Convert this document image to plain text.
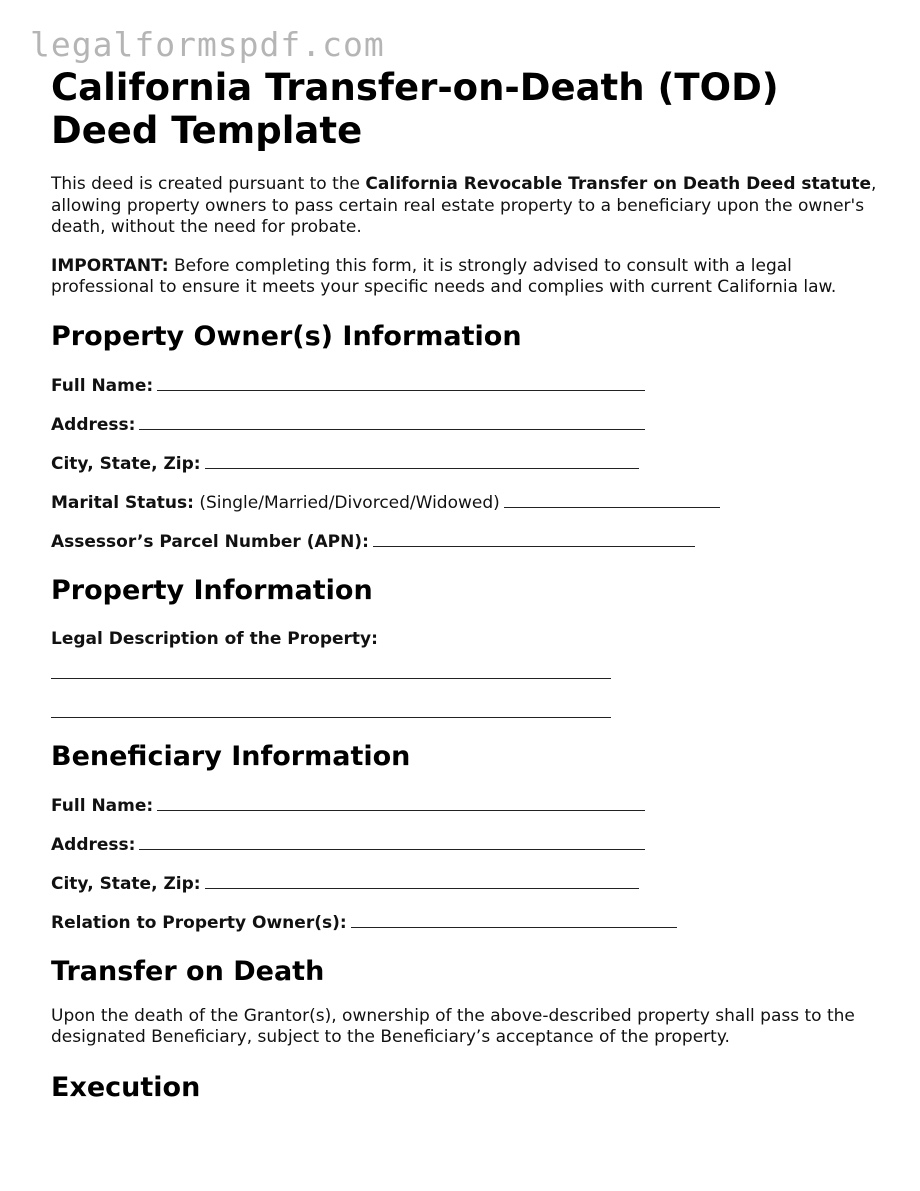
legalformspdf.com
California Transfer-on-Death (TOD) Deed Template

This deed is created pursuant to the California Revocable Transfer on Death Deed statute, allowing property owners to pass certain real estate property to a beneficiary upon the owner's death, without the need for probate.

IMPORTANT: Before completing this form, it is strongly advised to consult with a legal professional to ensure it meets your specific needs and complies with current California law.

Property Owner(s) Information
Full Name:
Address:
City, State, Zip:
Marital Status: (Single/Married/Divorced/Widowed)
Assessor’s Parcel Number (APN):
Property Information
Legal Description of the Property:
Beneficiary Information
Full Name:
Address:
City, State, Zip:
Relation to Property Owner(s):
Transfer on Death

Upon the death of the Grantor(s), ownership of the above-described property shall pass to the designated Beneficiary, subject to the Beneficiary’s acceptance of the property.

Execution
